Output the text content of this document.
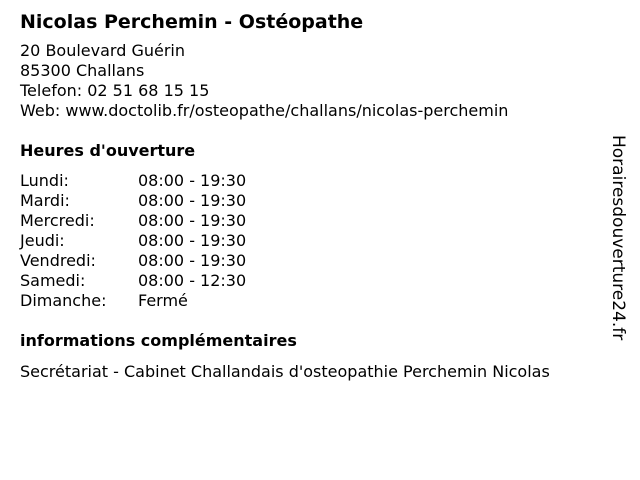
Nicolas Perchemin - Ostéopathe
20 Boulevard Guérin
85300 Challans
Telefon: 02 51 68 15 15
Web: www.doctolib.fr/osteopathe/challans/nicolas-perchemin
Heures d'ouverture
Lundi:	08:00 - 19:30
Mardi:	08:00 - 19:30
Mercredi:	08:00 - 19:30
Jeudi:	08:00 - 19:30
Vendredi:	08:00 - 19:30
Samedi:	08:00 - 12:30
Dimanche:	Fermé
informations complémentaires
Secrétariat - Cabinet Challandais d'osteopathie Perchemin Nicolas
Horairesdouverture24.fr
